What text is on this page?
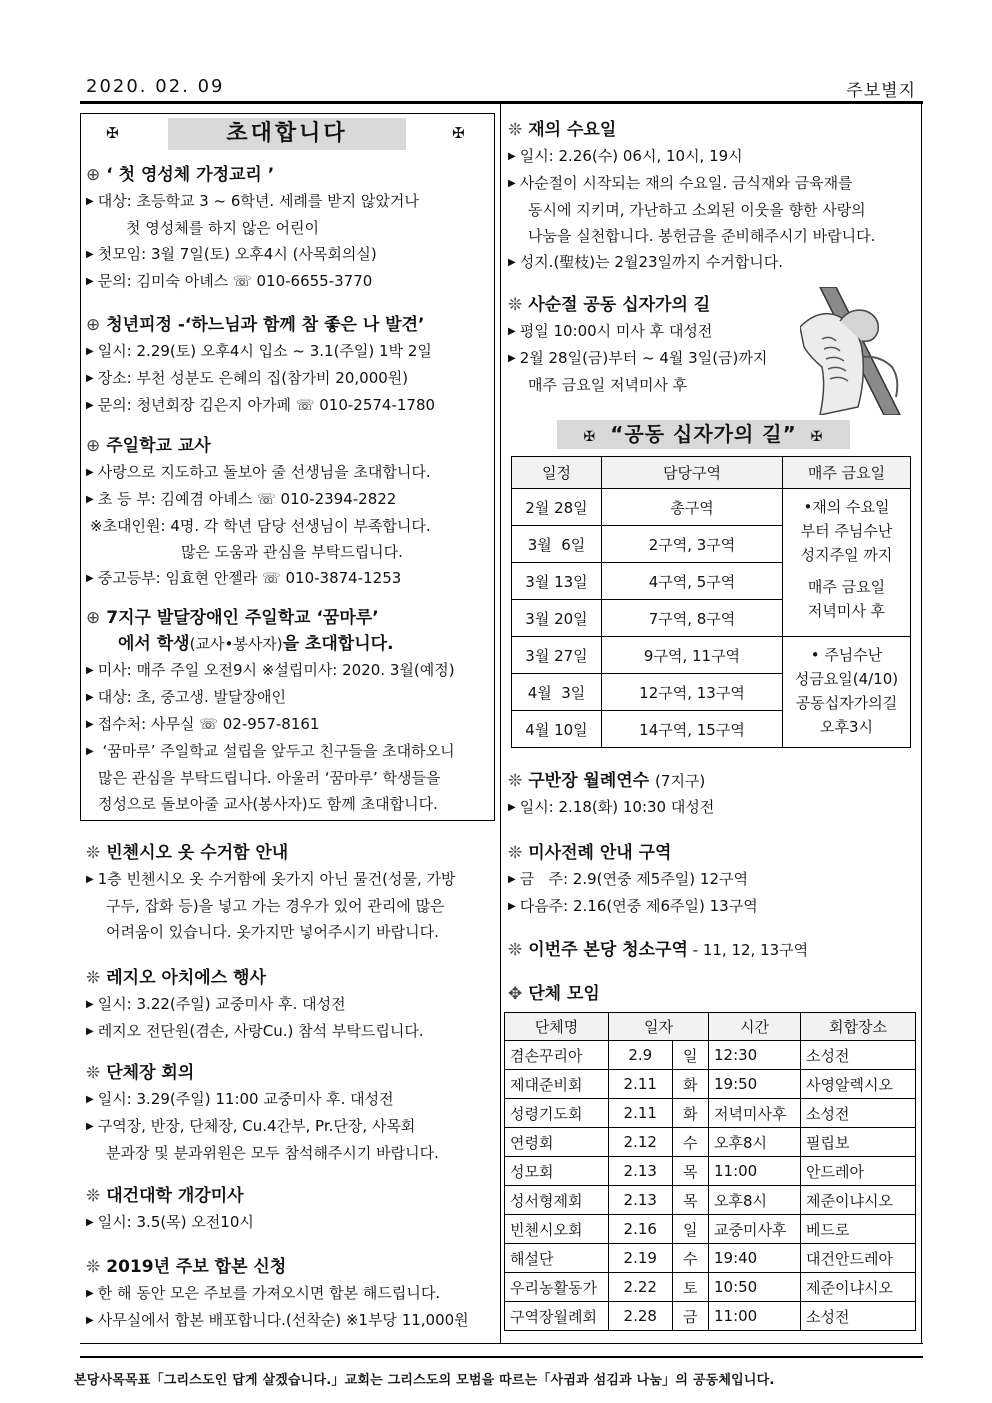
2020. 02. 09	주보별지
초대합니다
✠	✠
⊕ ‘ 첫 영성체 가정교리 ’
▶ 대상: 초등학교 3 ~ 6학년. 세례를 받지 않았거나
첫 영성체를 하지 않은 어린이
▶ 첫모임: 3월 7일(토) 오후4시 (사목회의실)
▶ 문의: 김미숙 아녜스 ☏ 010-6655-3770
⊕ 청년피정 -‘하느님과 함께 참 좋은 나 발견’
▶ 일시: 2.29(토) 오후4시 입소 ~ 3.1(주일) 1박 2일
▶ 장소: 부천 성분도 은혜의 집(참가비 20,000원)
▶ 문의: 청년회장 김은지 아가페 ☏ 010-2574-1780
⊕ 주일학교 교사
▶ 사랑으로 지도하고 돌보아 줄 선생님을 초대합니다.
▶ 초 등 부: 김예겸 아녜스 ☏ 010-2394-2822
※초대인원: 4명. 각 학년 담당 선생님이 부족합니다.
많은 도움과 관심을 부탁드립니다.
▶ 중고등부: 임효현 안젤라 ☏ 010-3874-1253
⊕ 7지구 발달장애인 주일학교 ‘꿈마루’
에서 학생(교사•봉사자)을 초대합니다.
▶ 미사: 매주 주일 오전9시 ※설립미사: 2020. 3월(예정)
▶ 대상: 초, 중고생. 발달장애인
▶ 접수처: 사무실 ☏ 02-957-8161
▶ ‘꿈마루’ 주일학교 설립을 앞두고 친구들을 초대하오니
많은 관심을 부탁드립니다. 아울러 ‘꿈마루’ 학생들을
정성으로 돌보아줄 교사(봉사자)도 함께 초대합니다.
❊ 빈첸시오 옷 수거함 안내
▶ 1층 빈첸시오 옷 수거함에 옷가지 아닌 물건(성물, 가방
구두, 잡화 등)을 넣고 가는 경우가 있어 관리에 많은
어려움이 있습니다. 옷가지만 넣어주시기 바랍니다.
❊ 레지오 아치에스 행사
▶ 일시: 3.22(주일) 교중미사 후. 대성전
▶ 레지오 전단원(겸손, 사랑Cu.) 참석 부탁드립니다.
❊ 단체장 회의
▶ 일시: 3.29(주일) 11:00 교중미사 후. 대성전
▶ 구역장, 반장, 단체장, Cu.4간부, Pr.단장, 사목회
분과장 및 분과위원은 모두 참석해주시기 바랍니다.
❊ 대건대학 개강미사
▶ 일시: 3.5(목) 오전10시
❊ 2019년 주보 합본 신청
▶ 한 해 동안 모은 주보를 가져오시면 합본 해드립니다.
▶ 사무실에서 합본 배포합니다.(선착순) ※1부당 11,000원
❊ 재의 수요일
▶ 일시: 2.26(수) 06시, 10시, 19시
▶ 사순절이 시작되는 재의 수요일. 금식재와 금육재를
동시에 지키며, 가난하고 소외된 이웃을 향한 사랑의
나눔을 실천합니다. 봉헌금을 준비해주시기 바랍니다.
▶ 성지.(聖枝)는 2월23일까지 수거합니다.
❊ 사순절 공동 십자가의 길
▶ 평일 10:00시 미사 후 대성전
▶ 2월 28일(금)부터 ~ 4월 3일(금)까지
매주 금요일 저녁미사 후
✠ “공동 십자가의 길” ✠
일정	담당구역	매주 금요일
2월 28일	총구역	•재의 수요일
부터 주님수난
성지주일 까지
매주 금요일
저녁미사 후

3월  6일	2구역, 3구역	
3월 13일	4구역, 5구역	
3월 20일	7구역, 8구역	
3월 27일	9구역, 11구역	• 주님수난
성금요일(4/10)
공동십자가의길
오후3시

4월  3일	12구역, 13구역	
4월 10일	14구역, 15구역	
❊ 구반장 월례연수 (7지구)
▶ 일시: 2.18(화) 10:30 대성전
❊ 미사전례 안내 구역
▶ 금   주: 2.9(연중 제5주일) 12구역
▶ 다음주: 2.16(연중 제6주일) 13구역
❊ 이번주 본당 청소구역 - 11, 12, 13구역
✥ 단체 모임
단체명	일자		시간	회합장소
겸손꾸리아	2.9	일	12:30	소성전
제대준비회	2.11	화	19:50	사영알렉시오
성령기도회	2.11	화	저녁미사후	소성전
연령회	2.12	수	오후8시	필립보
성모회	2.13	목	11:00	안드레아
성서형제회	2.13	목	오후8시	제준이냐시오
빈첸시오회	2.16	일	교중미사후	베드로
해설단	2.19	수	19:40	대건안드레아
우리농활동가	2.22	토	10:50	제준이냐시오
구역장월례회	2.28	금	11:00	소성전
본당사목목표「그리스도인 답게 살겠습니다.」교회는 그리스도의 모범을 따르는「사귐과 섬김과 나눔」의 공동체입니다.
